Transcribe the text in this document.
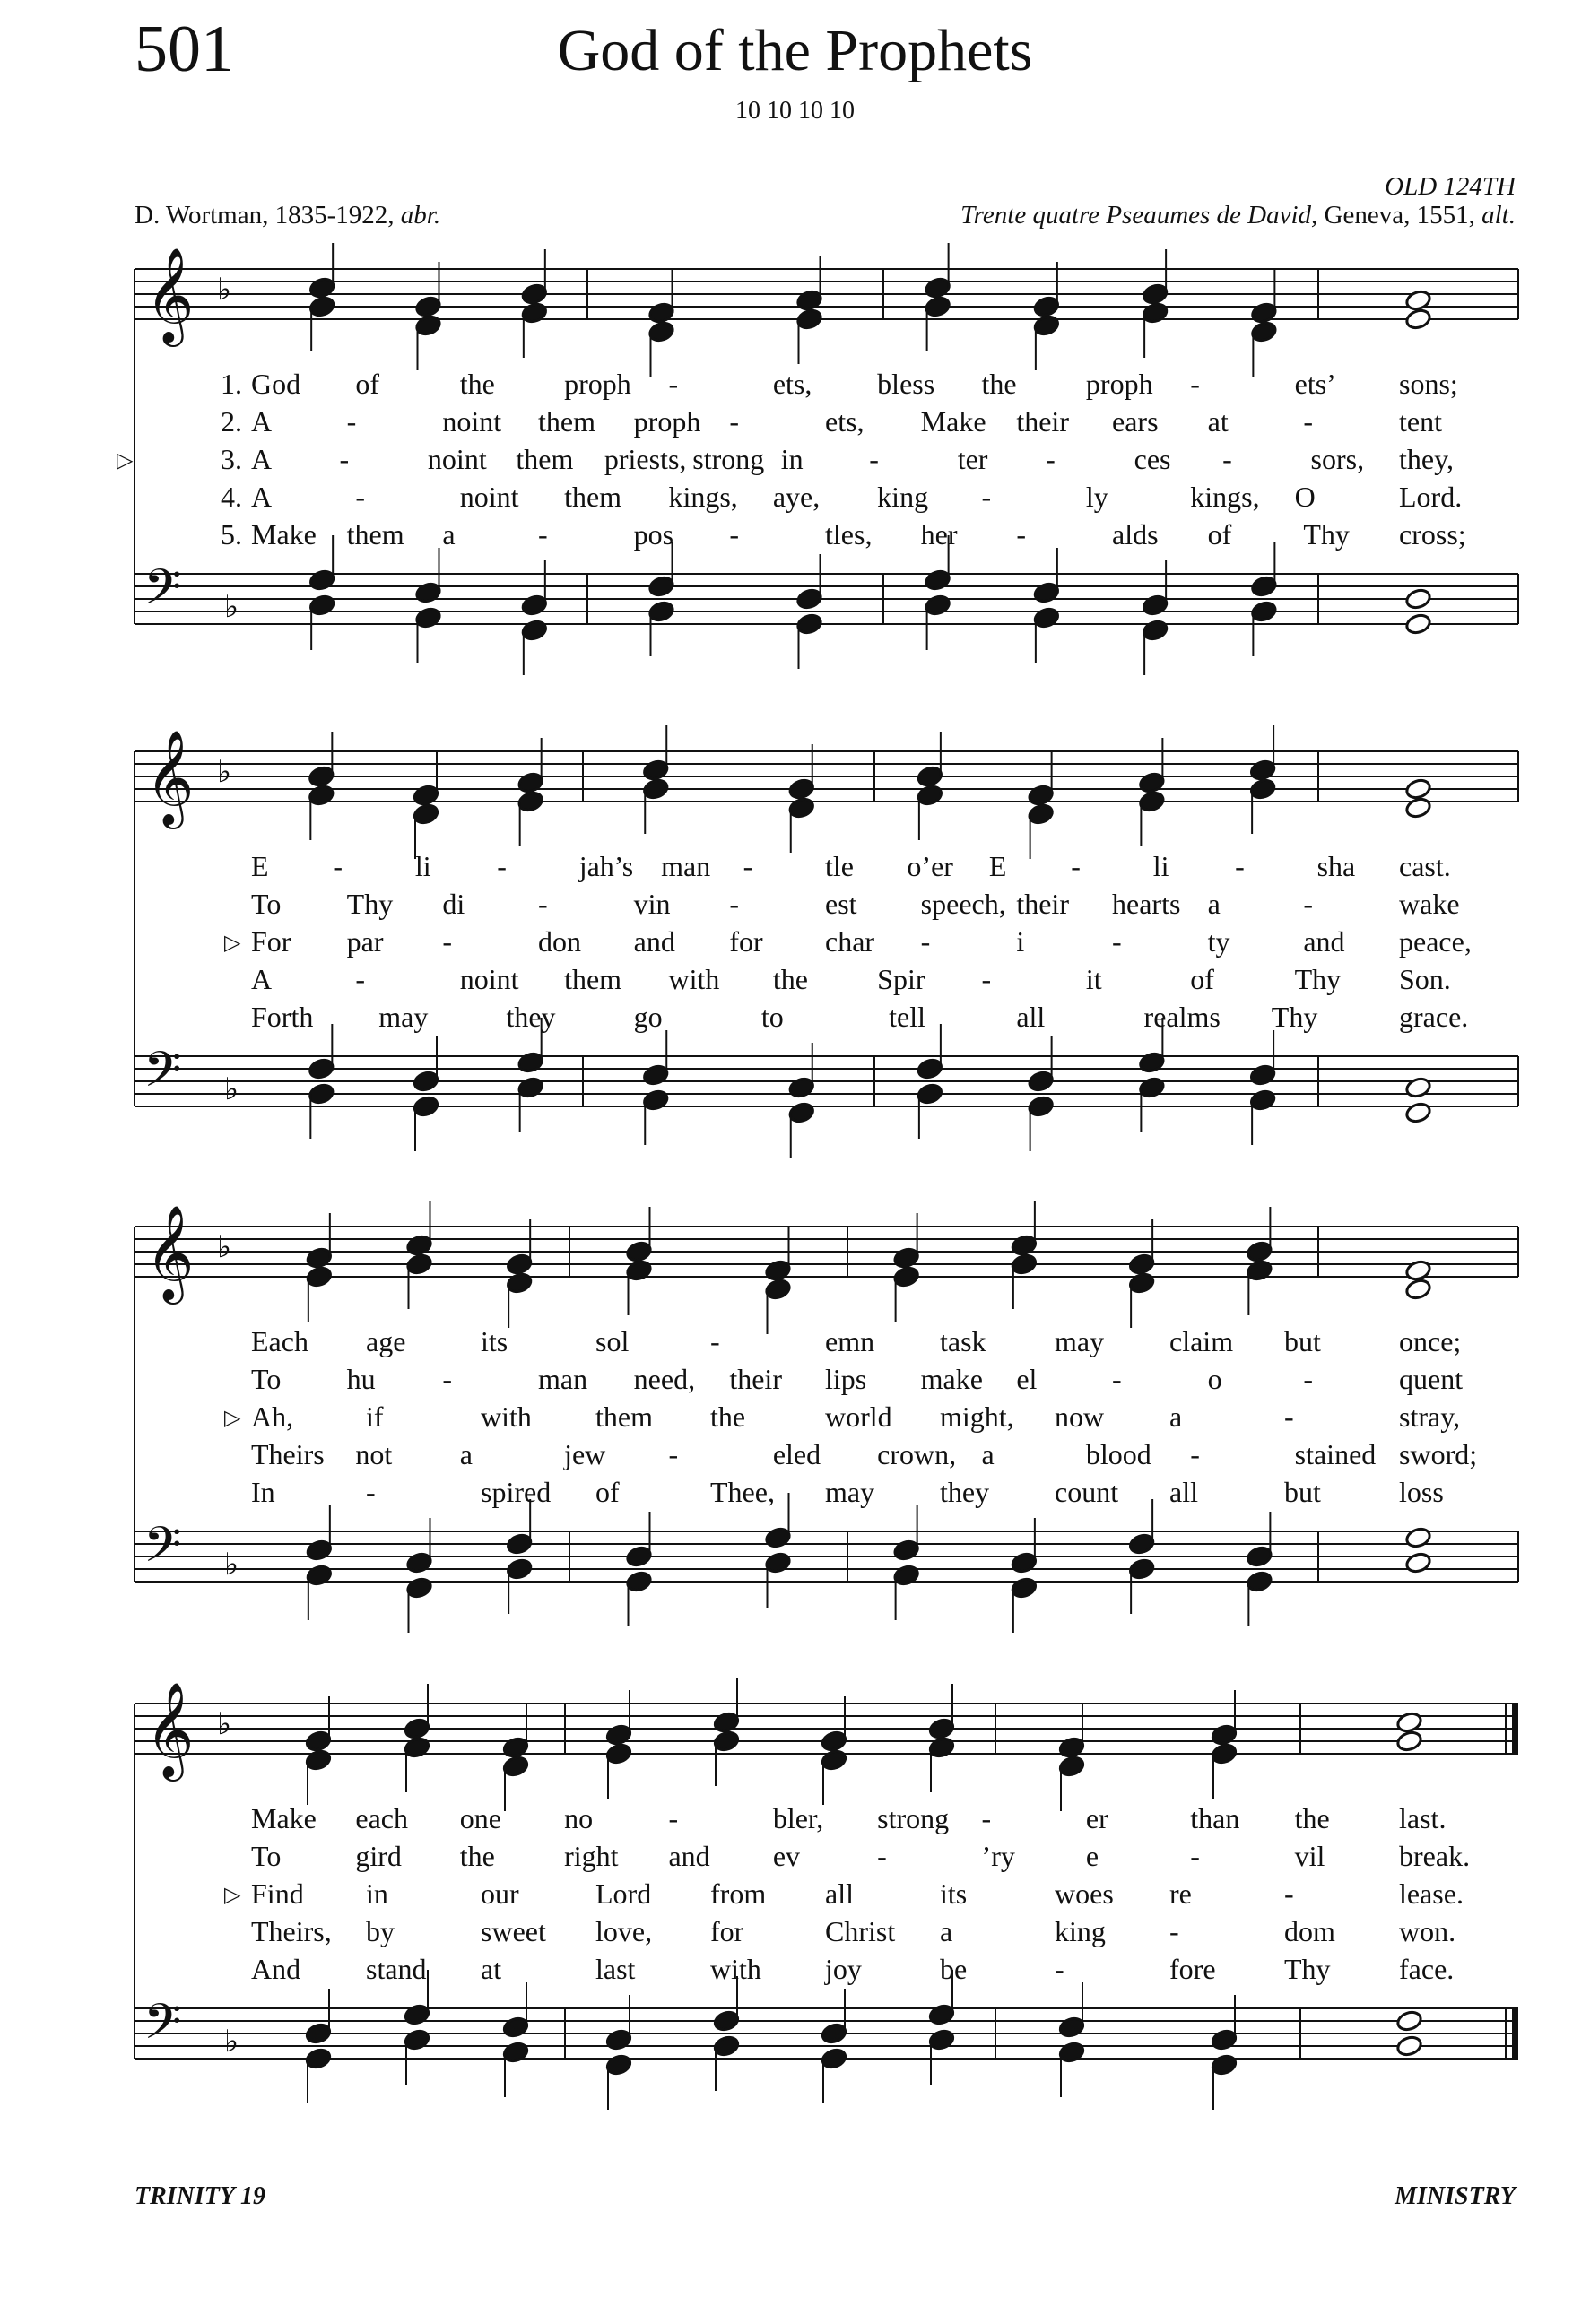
501	God of the Prophets
10 10 10 10
OLD 124TH
D. Wortman, 1835-1922, abr.	Trente quatre Pseaumes de David, Geneva, 1551, alt.
𝄞
𝄢
♭
♭
𝄞
𝄢
♭
♭
𝄞
𝄢
♭
♭
𝄞
𝄢
♭
♭
1. God of	the proph -	ets, bless the proph -	ets’ sons;
2. A	-	noint them proph -	ets, Make their ears at	-	tent
3.
▷	A -	noint them priests, strong in -	ter -	ces -	sors, they,
4. A	-	noint them kings, aye, king -	ly	kings, O	Lord.
5. Make them a	-	pos -	tles, her -	alds of	Thy cross;
E -	li -	jah’s man -	tle o’er E -	li -	sha cast.
To Thy di	-	vin -	est speech, their hearts a	-	wake
▷ For par -	don and for char -	i	-	ty	and peace,
A	-	noint them with the Spir -	it	of	Thy Son.
Forth may	they	go	to	tell	all	realms Thy	grace.
Each age	its	sol	-	emn task may claim but	once;
To hu -	man need, their lips make el	-	o	-	quent
▷ Ah,	if	with them the	world might, now a	-	stray,
Theirs not a	jew -	eled crown, a	blood -	stained sword;
In	-	spired of	Thee, may they count all	but	loss
Make each one no	-	bler, strong -	er	than the last.
To	gird the right and ev	-	’ry e	-	vil	break.
▷ Find in	our	Lord from all	its	woes re	-	lease.
Theirs, by	sweet love, for	Christ a	king -	dom won.
And stand at	last	with joy	be	-	fore Thy face.
TRINITY 19	MINISTRY
